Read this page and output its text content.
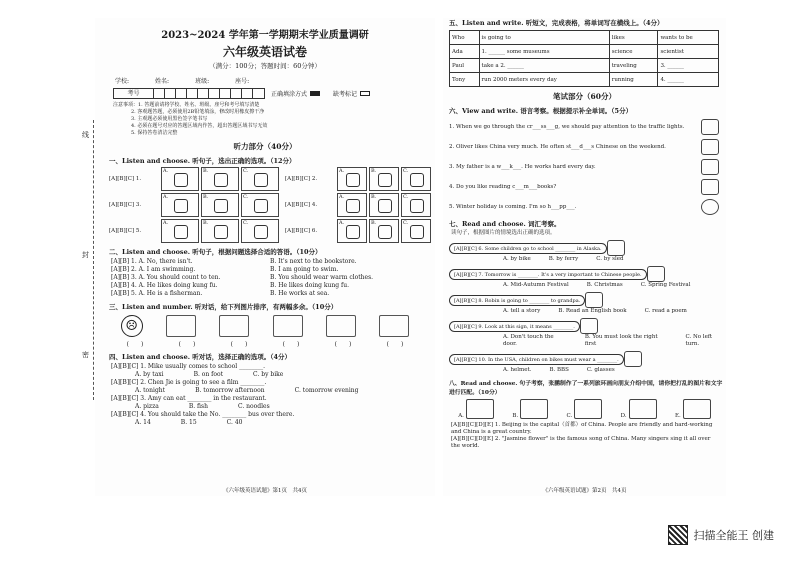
线
封
密
2023~2024 学年第一学期期末学业质量调研
六年级英语试卷
（满分：100分；答题时间：60分钟）
学校:	姓名:	班级:	座号:
考号	正确填涂方式	缺考标记
注意事项：1. 答题前请将学校、姓名、班级、座号和考号填写清楚
2. 客观题答题，必须使用2B铅笔填涂，修改时用橡皮擦干净
3. 主观题必须使用黑色签字笔书写
4. 必须在题号对应的答题区域内作答，超出答题区域书写无效
5. 保持答卷清洁完整
听力部分（40分）
一、Listen and choose. 听句子，选出正确的选项。（12分）
[A][B][C] 1.
A.	B.	C.
[A][B][C] 2.
A.	B.	C.
[A][B][C] 3.
A.	B.	C.
[A][B][C] 4.
A.	B.	C.
[A][B][C] 5.
A.	B.	C.
[A][B][C] 6.
A.	B.	C.
二、Listen and choose. 听句子，根据问题选择合适的答语。（10分）
[A][B] 1. A. No, there isn't.	B. It's next to the bookstore.
[A][B] 2. A. I am swimming.	B. I am going to swim.
[A][B] 3. A. You should count to ten.	B. You should wear warm clothes.
[A][B] 4. A. He likes doing kung fu.	B. He likes doing kung fu.
[A][B] 5. A. He is a fisherman.	B. He works at sea.
三、Listen and number. 听对话，给下列图片排序，有两幅多余。（10分）
☹
(　　)	(　　)	(　　)	(　　)	(　　)	(　　)
四、Listen and choose. 听对话，选择正确的选项。（4分）
[A][B][C] 1. Mike usually comes to school ________.
A. by taxi	B. on foot	C. by bike
[A][B][C] 2. Chen Jie is going to see a film ________.
A. tonight	B. tomorrow afternoon	C. tomorrow evening
[A][B][C] 3. Amy can eat ________ in the restaurant.
A. pizza	B. fish	C. noodles
[A][B][C] 4. You should take the No. ________ bus over there.
A. 14	B. 15	C. 40
《六年级英语试题》第1页　共4页
五、Listen and write. 听短文，完成表格，将单词写在横线上。（4分）
Who	is going to	likes	wants to be
Ada	1. ______ some museums	science	scientist
Paul	take a 2. ______	traveling	3. ______
Tony	run 2000 meters every day	running	4. ______
笔试部分（60分）
六、View and write. 语言考察。根据提示补全单词。（5分）
1. When we go through the cr___ss___g, we should pay attention to the traffic lights.
2. Oliver likes China very much. He often st___d___s Chinese on the weekend.
3. My father is a w___k___. He works hard every day.
4. Do you like reading c___m___books?
5. Winter holiday is coming. I'm so h___pp___.
七、Read and choose. 词汇考察。
读句子，根据图片的情境选出正确的选项。
[A][B][C] 6. Some children go to school ________ in Alaska.
A. by bike	B. by ferry	C. by sled
[A][B][C] 7. Tomorrow is ________. It's a very important to Chinese people.
A. Mid-Autumn Festival	B. Christmas	C. Spring Festival
[A][B][C] 8. Robin is going to ________ to grandpa.
A. tell a story	B. Read an English book	C. read a poem
[A][B][C] 9. Look at this sign, it means ________.
A. Don't touch the door.
B. You must look the right first
C. No left turn.
[A][B][C] 10. In the USA, children on bikes must wear a ________.
A. helmet.	B. BBS	C. glasses
八、Read and choose. 句子考察，张鹏制作了一系列旅环画向朋友介绍中国，请你把打乱的图片和文字进行匹配。（10分）
A.	B.	C.	D.	E.
[A][B][C][D][E] 1. Beijing is the capital（首都）of China. People are friendly and hard-working and China is a great country.
[A][B][C][D][E] 2. "Jasmine flower" is the famous song of China. Many singers sing it all over the world.
《六年级英语试题》第2页　共4页
扫描全能王 创建
